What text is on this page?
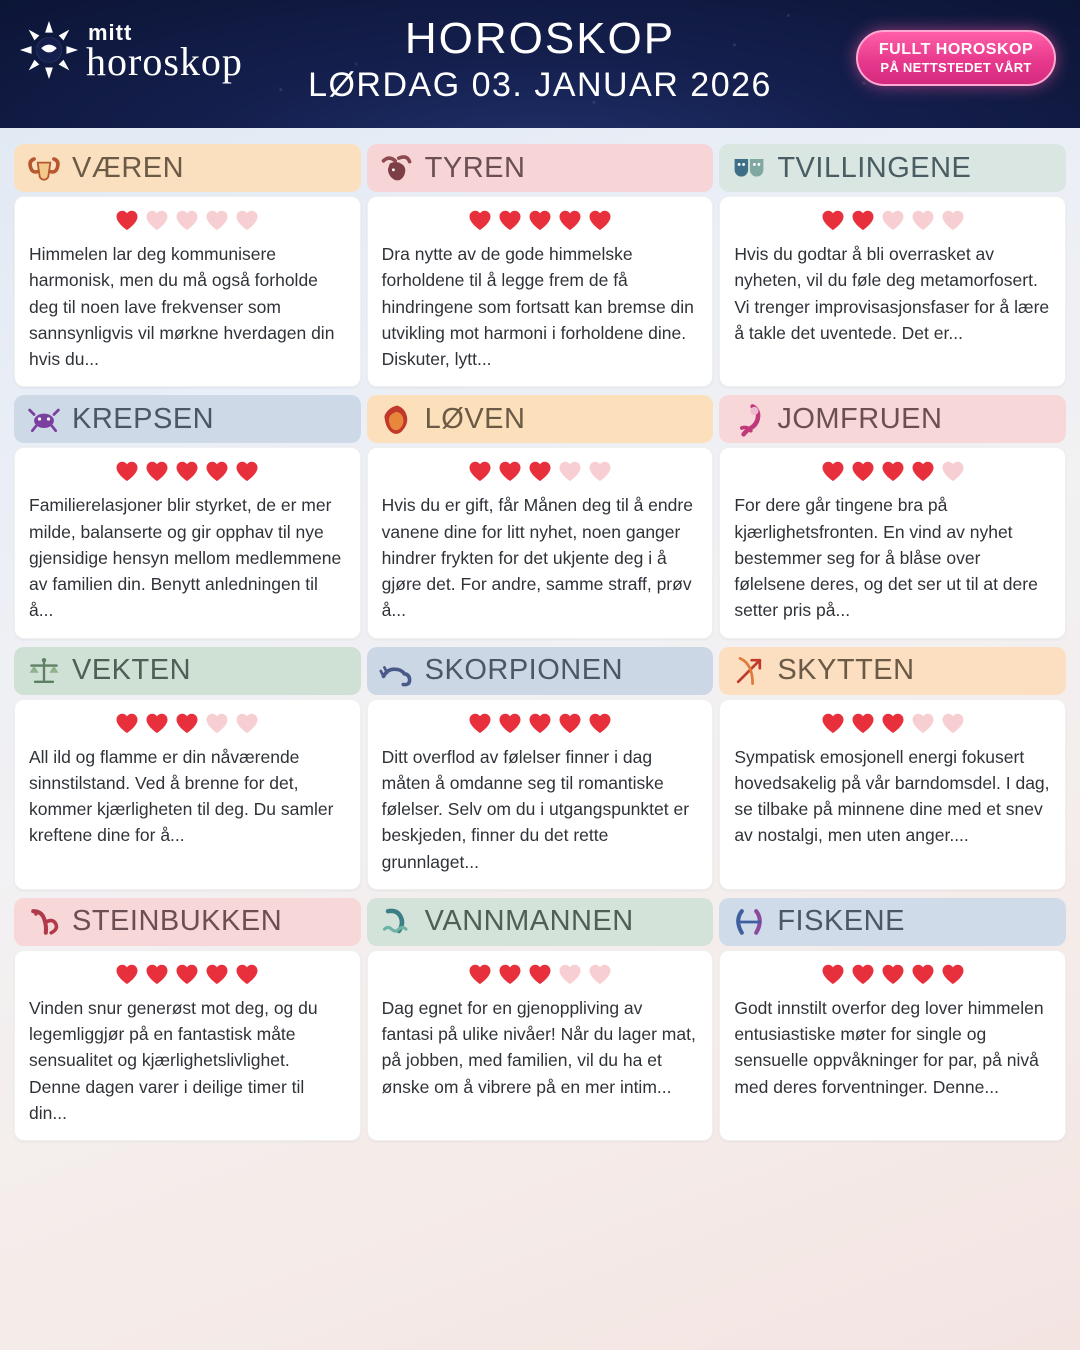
mitt
horoskop	HOROSKOP
LØRDAG 03. JANUAR 2026
FULLT HOROSKOP
PÅ NETTSTEDET VÅRT
VÆREN
Himmelen lar deg kommunisere harmonisk, men du må også forholde deg til noen lave frekvenser som sannsynligvis vil mørkne hverdagen din hvis du...
TYREN
Dra nytte av de gode himmelske forholdene til å legge frem de få hindringene som fortsatt kan bremse din utvikling mot harmoni i forholdene dine. Diskuter, lytt...
TVILLINGENE
Hvis du godtar å bli overrasket av nyheten, vil du føle deg metamorfosert. Vi trenger improvisasjonsfaser for å lære å takle det uventede. Det er...
KREPSEN
Familierelasjoner blir styrket, de er mer milde, balanserte og gir opphav til nye gjensidige hensyn mellom medlemmene av familien din. Benytt anledningen til å...
LØVEN
Hvis du er gift, får Månen deg til å endre vanene dine for litt nyhet, noen ganger hindrer frykten for det ukjente deg i å gjøre det. For andre, samme straff, prøv å...
JOMFRUEN
For dere går tingene bra på kjærlighetsfronten. En vind av nyhet bestemmer seg for å blåse over følelsene deres, og det ser ut til at dere setter pris på...
VEKTEN
All ild og flamme er din nåværende sinnstilstand. Ved å brenne for det, kommer kjærligheten til deg. Du samler kreftene dine for å...
SKORPIONEN
Ditt overflod av følelser finner i dag måten å omdanne seg til romantiske følelser. Selv om du i utgangspunktet er beskjeden, finner du det rette grunnlaget...
SKYTTEN
Sympatisk emosjonell energi fokusert hovedsakelig på vår barndomsdel. I dag, se tilbake på minnene dine med et snev av nostalgi, men uten anger....
STEINBUKKEN
Vinden snur generøst mot deg, og du legemliggjør på en fantastisk måte sensualitet og kjærlighetslivlighet. Denne dagen varer i deilige timer til din...
VANNMANNEN
Dag egnet for en gjenoppliving av fantasi på ulike nivåer! Når du lager mat, på jobben, med familien, vil du ha et ønske om å vibrere på en mer intim...
FISKENE
Godt innstilt overfor deg lover himmelen entusiastiske møter for single og sensuelle oppvåkninger for par, på nivå med deres forventninger. Denne...
